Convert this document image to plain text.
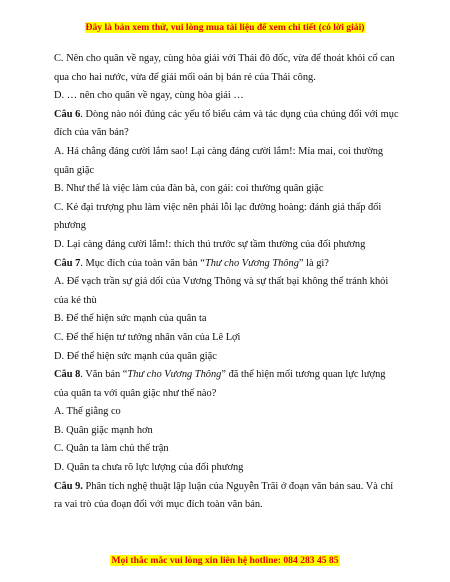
Đây là bản xem thử, vui lòng mua tài liệu để xem chi tiết (có lời giải)

C. Nên cho quân về ngay, cùng hòa giải với Thái đô đốc, vừa để thoát khỏi cố can qua cho hai nước, vừa để giải mối oán bị bán rẻ của Thái công.

D. … nên cho quân về ngay, cùng hòa giải …

Câu 6. Dòng nào nói đúng các yếu tố biểu cảm và tác dụng của chúng đối với mục đích của văn bản?

A. Há chẳng đáng cười lắm sao! Lại càng đáng cười lắm!: Mỉa mai, coi thường quân giặc

B. Như thể là việc làm của đàn bà, con gái: coi thường quân giặc

C. Kẻ đại trượng phu làm việc nên phải lỗi lạc đường hoàng: đánh giá thấp đối phương

D. Lại càng đáng cười lắm!: thích thú trước sự tầm thường của đối phương

Câu 7. Mục đích của toàn văn bản “Thư cho Vương Thông” là gì?

A. Để vạch trần sự giả dối của Vương Thông và sự thất bại không thể tránh khỏi của kẻ thù

B. Để thể hiện sức mạnh của quân ta

C. Để thể hiện tư tưởng nhân văn của Lê Lợi

D. Để thể hiện sức mạnh của quân giặc

Câu 8. Văn bản “Thư cho Vương Thông” đã thể hiện mối tương quan lực lượng của quân ta với quân giặc như thế nào?

A. Thế giằng co

B. Quân giặc mạnh hơn

C. Quân ta làm chủ thế trận

D. Quân ta chưa rõ lực lượng của đối phương

Câu 9. Phân tích nghệ thuật lập luận của Nguyễn Trãi ở đoạn văn bản sau. Và chỉ ra vai trò của đoạn đối với mục đích toàn văn bản.

Mọi thắc mắc vui lòng xin liên hệ hotline: 084 283 45 85
